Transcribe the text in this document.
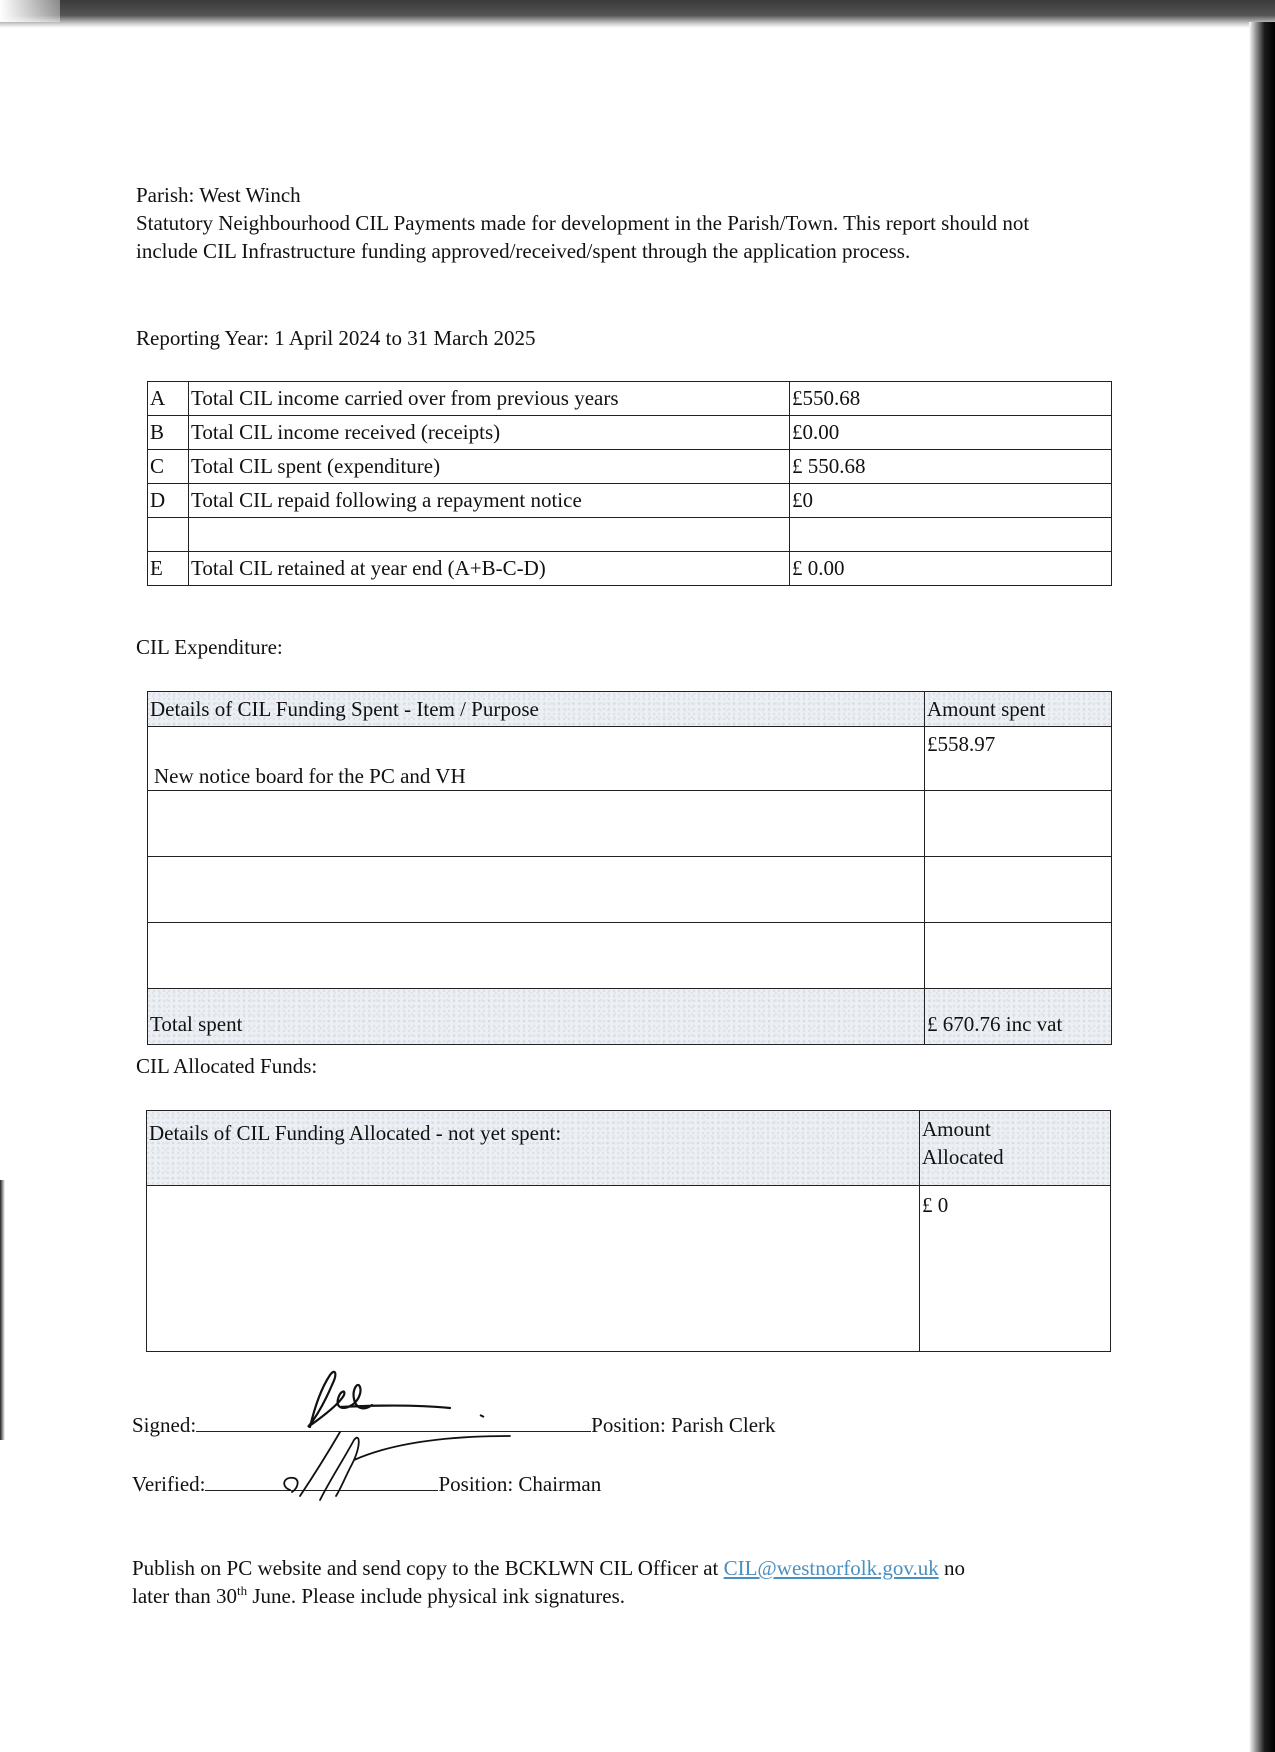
Parish: West Winch

Statutory Neighbourhood CIL Payments made for development in the Parish/Town. This report should not include CIL Infrastructure funding approved/received/spent through the application process.

Reporting Year: 1 April 2024 to 31 March 2025
A	Total CIL income carried over from previous years	£550.68
B	Total CIL income received (receipts)	£0.00
C	Total CIL spent (expenditure)	£ 550.68
D	Total CIL repaid following a repayment notice	£0

E	Total CIL retained at year end (A+B-C-D)	£ 0.00
CIL Expenditure:
Details of CIL Funding Spent - Item / Purpose	Amount spent
New notice board for the PC and VH	£558.97

Total spent	£ 670.76 inc vat
CIL Allocated Funds:
Details of CIL Funding Allocated - not yet spent:	Amount
Allocated

	£ 0
Signed:	Position: Parish Clerk
Verified:	Position: Chairman

Publish on PC website and send copy to the BCKLWN CIL Officer at CIL@westnorfolk.gov.uk no

later than 30th June. Please include physical ink signatures.
